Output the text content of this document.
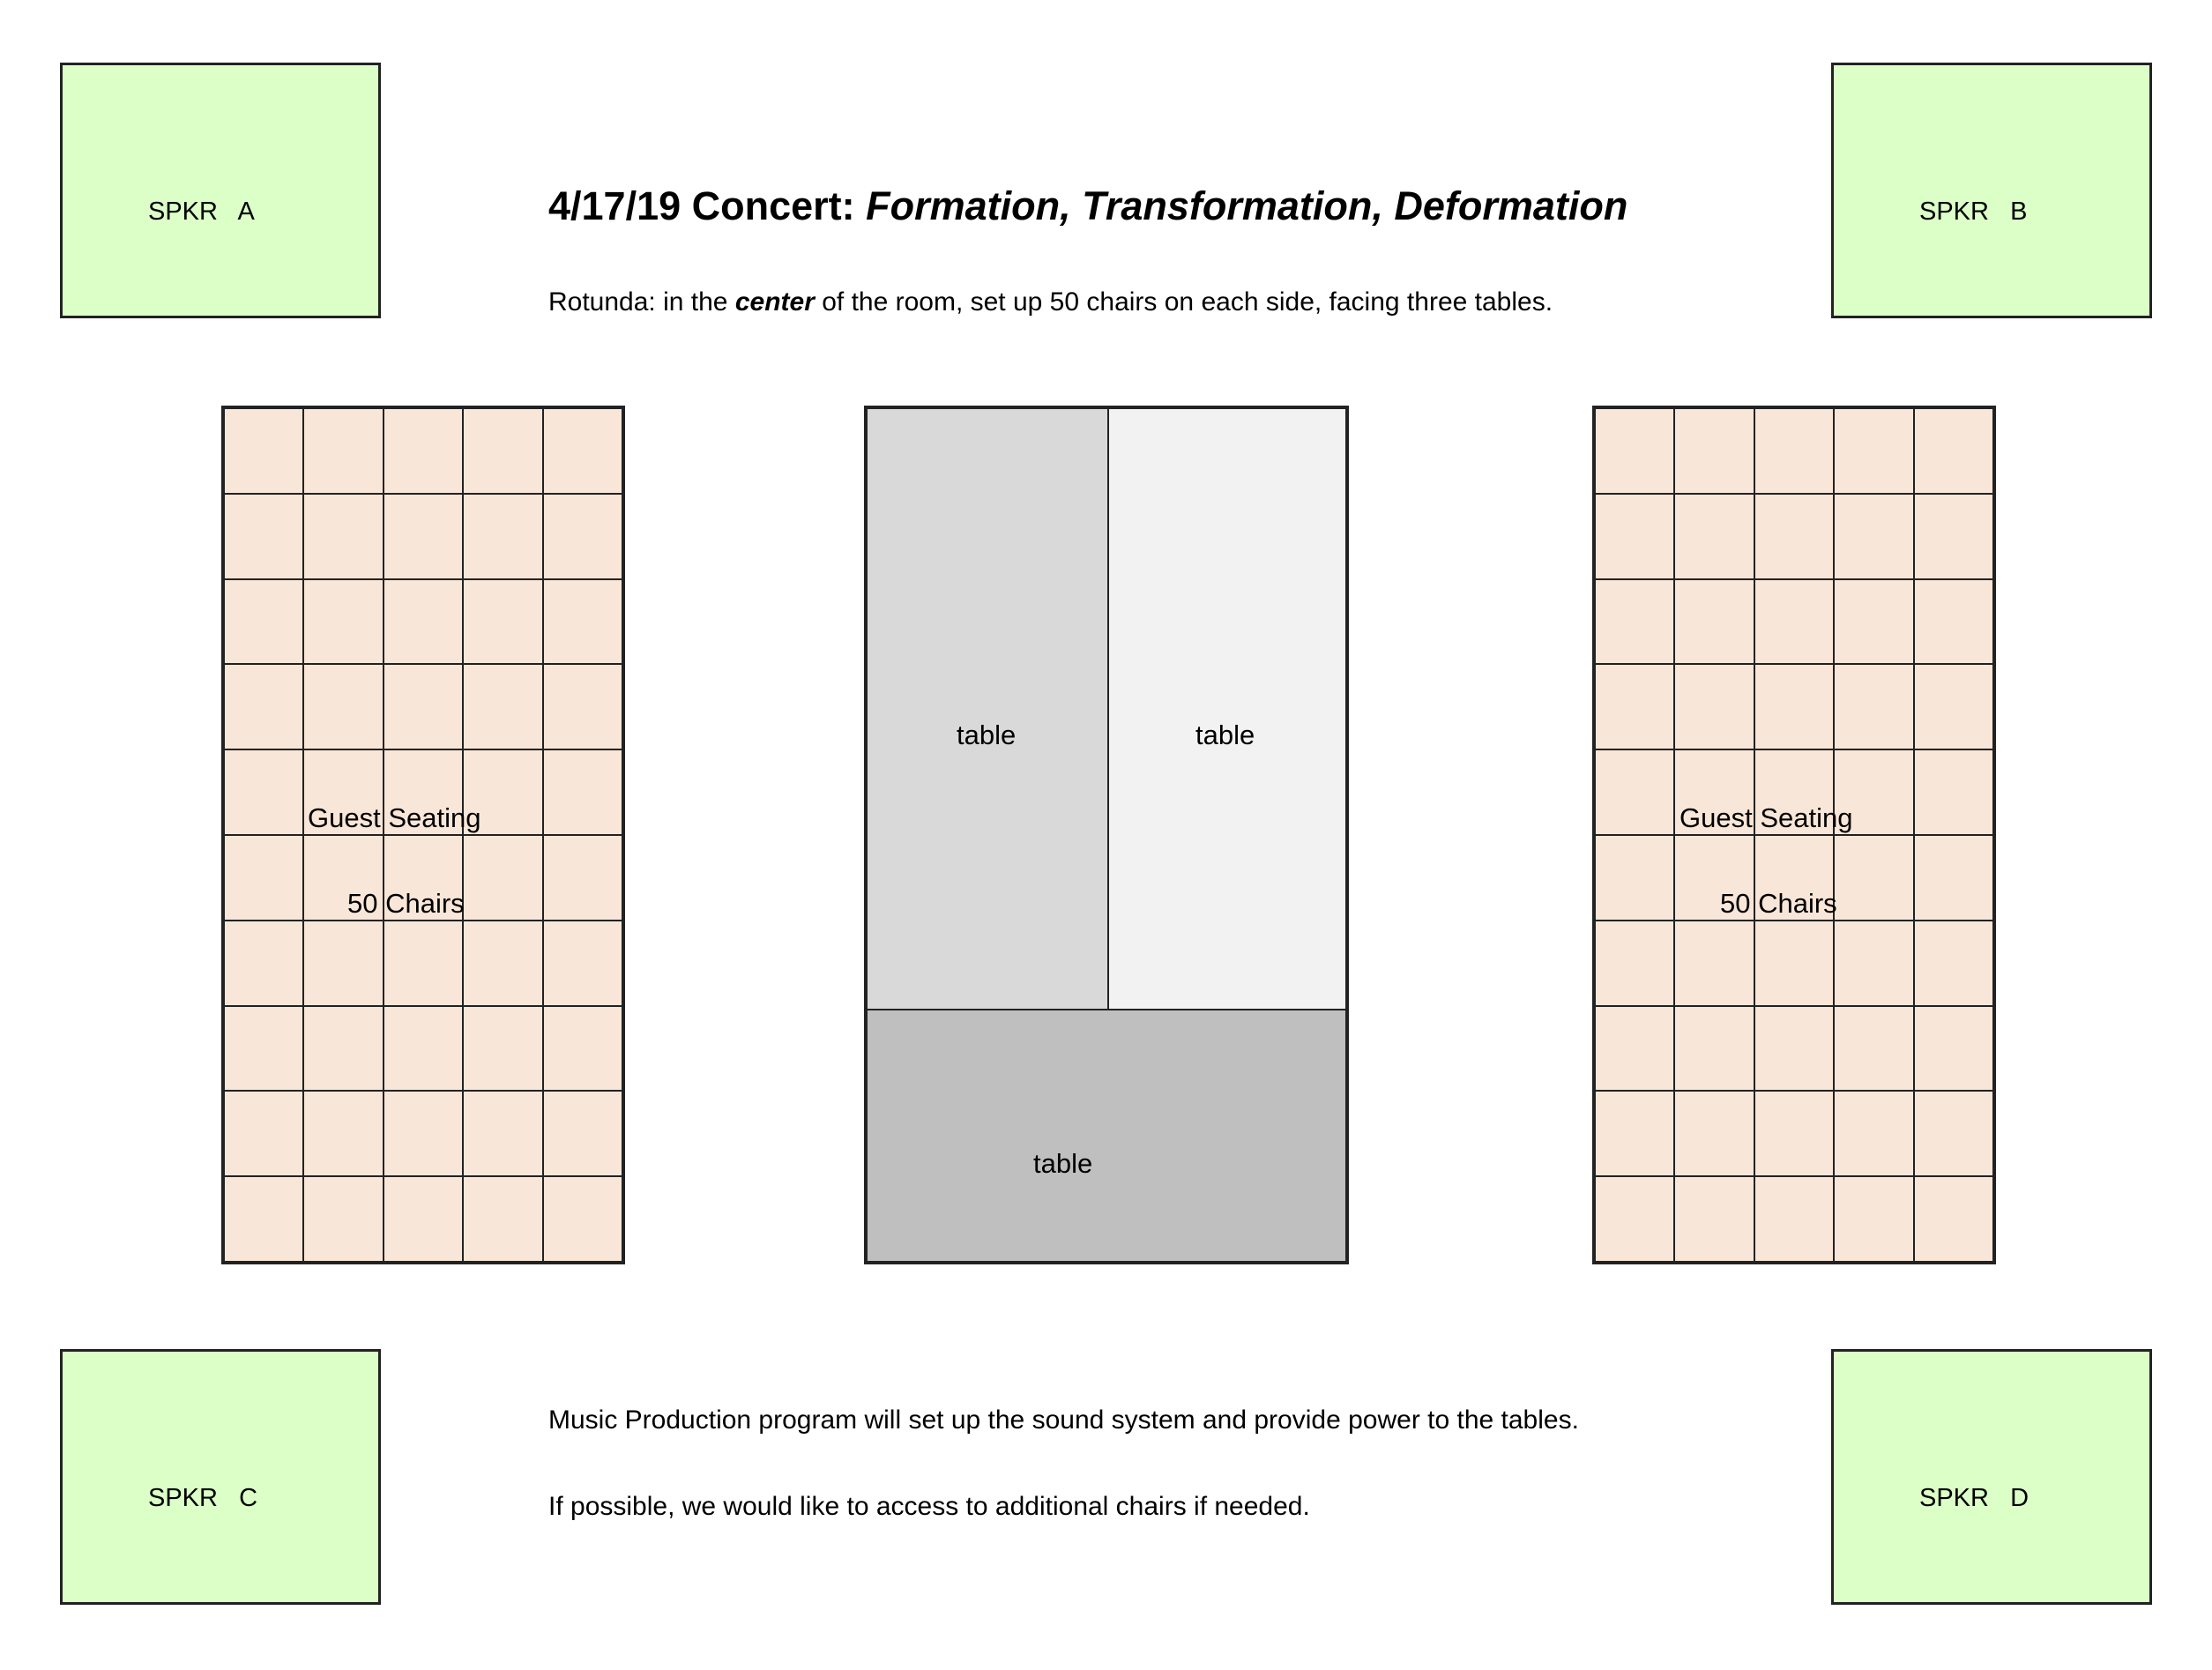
SPKR   A	SPKR   B
SPKR   C	SPKR   D
4/17/19 Concert: Formation, Transformation, Deformation
Rotunda: in the center of the room, set up 50 chairs on each side, facing three tables.
Guest Seating
50 Chairs
table	table
table
Guest Seating
50 Chairs
Music Production program will set up the sound system and provide power to the tables.
If possible, we would like to access to additional chairs if needed.
